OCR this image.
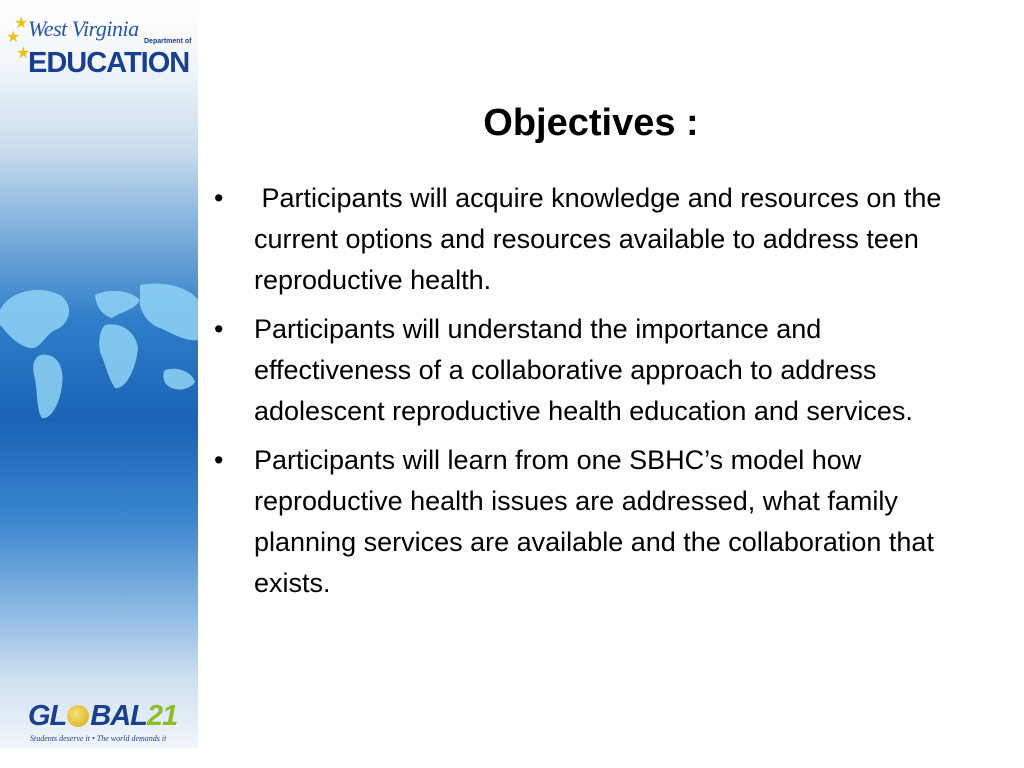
★
★
★
West Virginia
Department of
EDUCATION
GL BAL21
Students deserve it • The world demands it
Objectives :
• Participants will acquire knowledge and resources on the current options and resources available to address teen reproductive health.
• Participants will understand the importance and effectiveness of a collaborative approach to address adolescent reproductive health education and services.
• Participants will learn from one SBHC’s model how reproductive health issues are addressed, what family planning services are available and the collaboration that exists.
